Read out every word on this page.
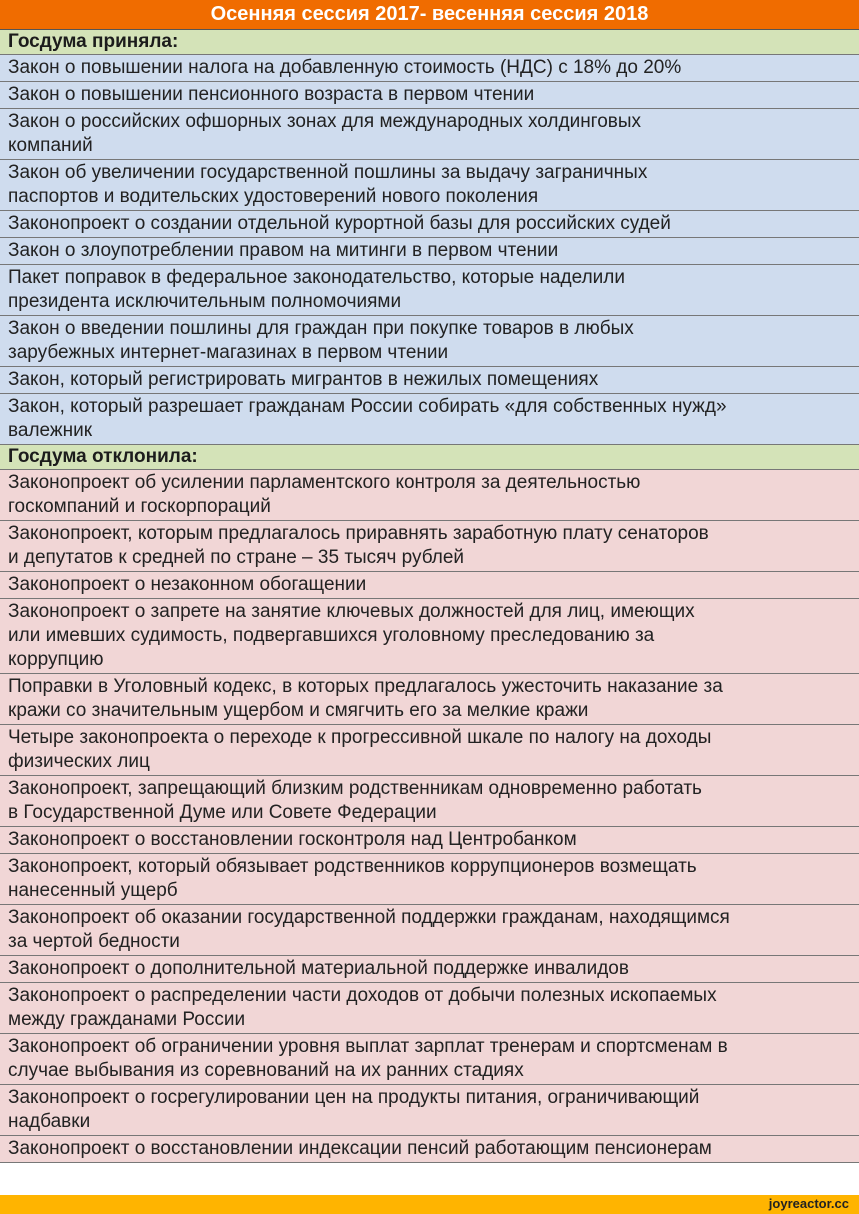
Осенняя сессия 2017- весенняя сессия 2018
Госдума приняла:
Закон о повышении налога на добавленную стоимость (НДС) с 18% до 20%
Закон о повышении пенсионного возраста в первом чтении
Закон о российских офшорных зонах для международных холдинговых
компаний
Закон об увеличении государственной пошлины за выдачу заграничных
паспортов и водительских удостоверений нового поколения
Законопроект о создании отдельной курортной базы для российских судей
Закон о злоупотреблении правом на митинги в первом чтении
Пакет поправок в федеральное законодательство, которые наделили
президента исключительным полномочиями
Закон о введении пошлины для граждан при покупке товаров в любых
зарубежных интернет-магазинах в первом чтении
Закон, который регистрировать мигрантов в нежилых помещениях
Закон, который разрешает гражданам России собирать «для собственных нужд»
валежник
Госдума отклонила:
Законопроект об усилении парламентского контроля за деятельностью
госкомпаний и госкорпораций
Законопроект, которым предлагалось приравнять заработную плату сенаторов
и депутатов к средней по стране – 35 тысяч рублей
Законопроект о незаконном обогащении
Законопроект о запрете на занятие ключевых должностей для лиц, имеющих
или имевших судимость, подвергавшихся уголовному преследованию за
коррупцию
Поправки в Уголовный кодекс, в которых предлагалось ужесточить наказание за
кражи со значительным ущербом и смягчить его за мелкие кражи
Четыре законопроекта о переходе к прогрессивной шкале по налогу на доходы
физических лиц
Законопроект, запрещающий близким родственникам одновременно работать
в Государственной Думе или Совете Федерации
Законопроект о восстановлении госконтроля над Центробанком
Законопроект, который обязывает родственников коррупционеров возмещать
нанесенный ущерб
Законопроект об оказании государственной поддержки гражданам, находящимся
за чертой бедности
Законопроект о дополнительной материальной поддержке инвалидов
Законопроект о распределении части доходов от добычи полезных ископаемых
между гражданами России
Законопроект об ограничении уровня выплат зарплат тренерам и спортсменам в
случае выбывания из соревнований на их ранних стадиях
Законопроект о госрегулировании цен на продукты питания, ограничивающий
надбавки
Законопроект о восстановлении индексации пенсий работающим пенсионерам
joyreactor.cc
